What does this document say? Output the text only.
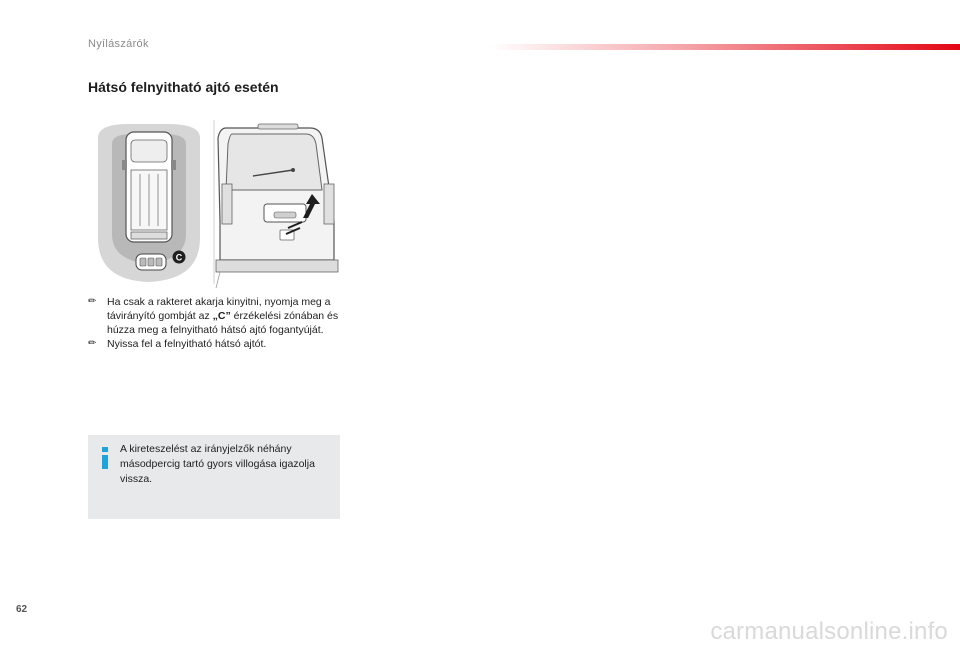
Nyílászárók
Hátsó felnyitható ajtó esetén
C
✏ Ha csak a rakteret akarja kinyitni, nyomja meg a távirányító gombját az „C” érzékelési zónában és húzza meg a felnyitható hátsó ajtó fogantyúját.
✏ Nyissa fel a felnyitható hátsó ajtót.
A kireteszelést az irányjelzők néhány másodpercig tartó gyors villogása igazolja vissza.
62
carmanualsonline.info
